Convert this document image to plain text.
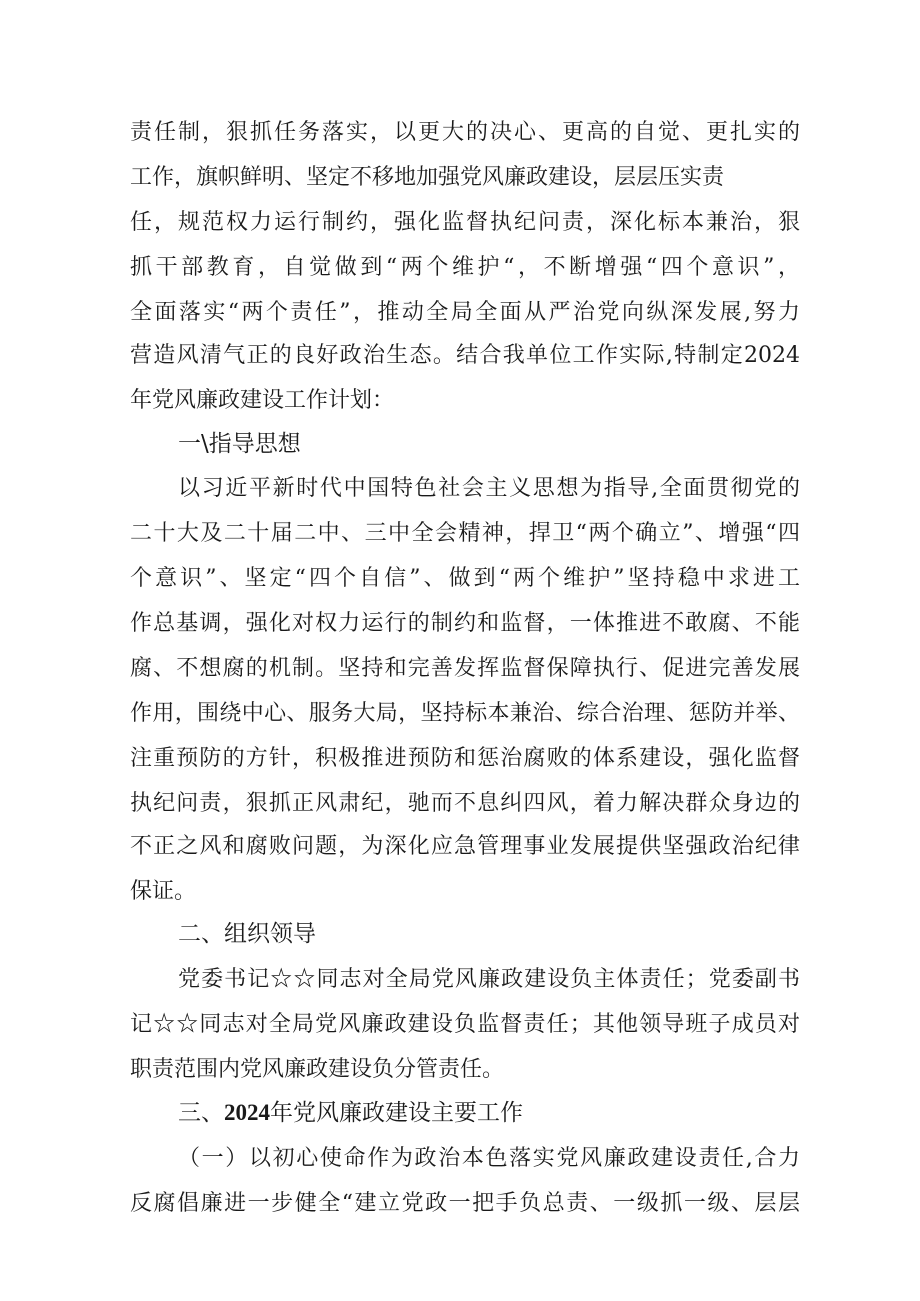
责任制，狠抓任务落实，以更大的决心、更高的自觉、更扎实的
工作，旗帜鲜明、坚定不移地加强党风廉政建设，层层压实责
任，规范权力运行制约，强化监督执纪问责，深化标本兼治，狠
抓干部教育，自觉做到“两个维护“，不断增强“四个意识”，
全面落实“两个责任”，推动全局全面从严治党向纵深发展,努力
营造风清气正的良好政治生态。结合我单位工作实际,特制定2024
年党风廉政建设工作计划：
一\指导思想
以习近平新时代中国特色社会主义思想为指导,全面贯彻党的
二十大及二十届二中、三中全会精神，捍卫“两个确立”、增强“四
个意识”、坚定“四个自信”、做到“两个维护”坚持稳中求进工
作总基调，强化对权力运行的制约和监督，一体推进不敢腐、不能
腐、不想腐的机制。坚持和完善发挥监督保障执行、促进完善发展
作用，围绕中心、服务大局，坚持标本兼治、综合治理、惩防并举、
注重预防的方针，积极推进预防和惩治腐败的体系建设，强化监督
执纪问责，狠抓正风肃纪，驰而不息纠四风，着力解决群众身边的
不正之风和腐败问题，为深化应急管理事业发展提供坚强政治纪律
保证。
二、组织领导
党委书记☆☆同志对全局党风廉政建设负主体责任；党委副书
记☆☆同志对全局党风廉政建设负监督责任；其他领导班子成员对
职责范围内党风廉政建设负分管责任。
三、2024年党风廉政建设主要工作
（一）以初心使命作为政治本色落实党风廉政建设责任,合力
反腐倡廉进一步健全“建立党政一把手负总责、一级抓一级、层层
